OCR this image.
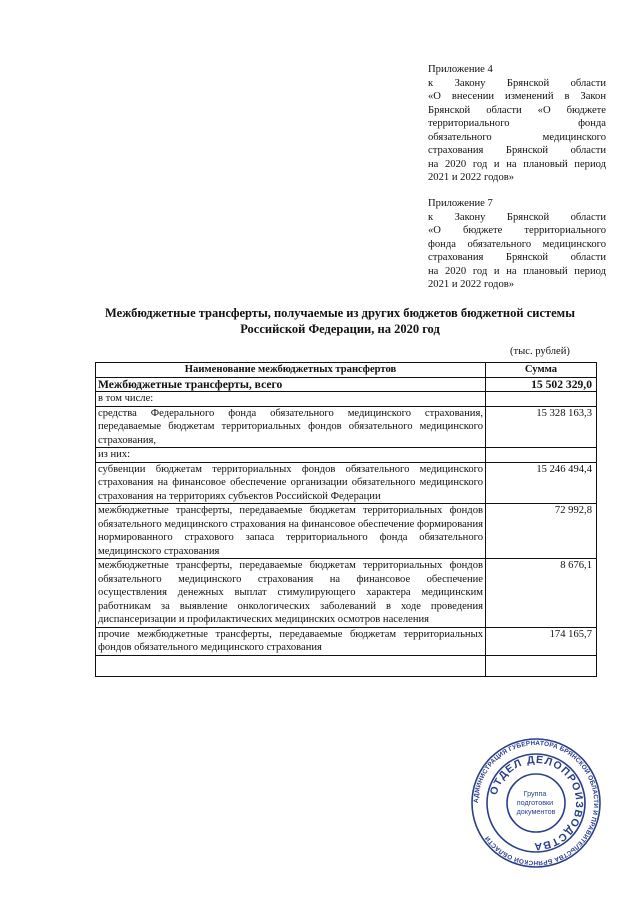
Приложение 4
к Закону Брянской области
«О внесении изменений в Закон
Брянской области «О бюджете
территориального фонда
обязательного медицинского
страхования Брянской области
на 2020 год и на плановый период
2021 и 2022 годов»
Приложение 7
к Закону Брянской области
«О бюджете территориального
фонда обязательного медицинского
страхования Брянской области
на 2020 год и на плановый период
2021 и 2022 годов»
Межбюджетные трансферты, получаемые из других бюджетов бюджетной системы
Российской Федерации, на 2020 год
(тыс. рублей)
Наименование межбюджетных трансфертов	Сумма
Межбюджетные трансферты, всего	15 502 329,0
в том числе:	
средства Федерального фонда обязательного медицинского страхования, передаваемые бюджетам территориальных фондов обязательного медицинского страхования,	15 328 163,3
из них:	
субвенции бюджетам территориальных фондов обязательного медицинского страхования на финансовое обеспечение организации обязательного медицинского страхования на территориях субъектов Российской Федерации	15 246 494,4
межбюджетные трансферты, передаваемые бюджетам территориальных фондов обязательного медицинского страхования на финансовое обеспечение формирования нормированного страхового запаса территориального фонда обязательного медицинского страхования	72 992,8
межбюджетные трансферты, передаваемые бюджетам территориальных фондов обязательного медицинского страхования на финансовое обеспечение осуществления денежных выплат стимулирующего характера медицинским работникам за выявление онкологических заболеваний в ходе проведения диспансеризации и профилактических медицинских осмотров населения	8 676,1
прочие межбюджетные трансферты, передаваемые бюджетам территориальных фондов обязательного медицинского страхования	174 165,7

АДМИНИСТРАЦИЯ ГУБЕРНАТОРА БРЯНСКОЙ ОБЛАСТИ И ПРАВИТЕЛЬСТВА БРЯНСКОЙ ОБЛАСТИ
ОТДЕЛ ДЕЛОПРОИЗВОДСТВА
Группа подготовки документов
